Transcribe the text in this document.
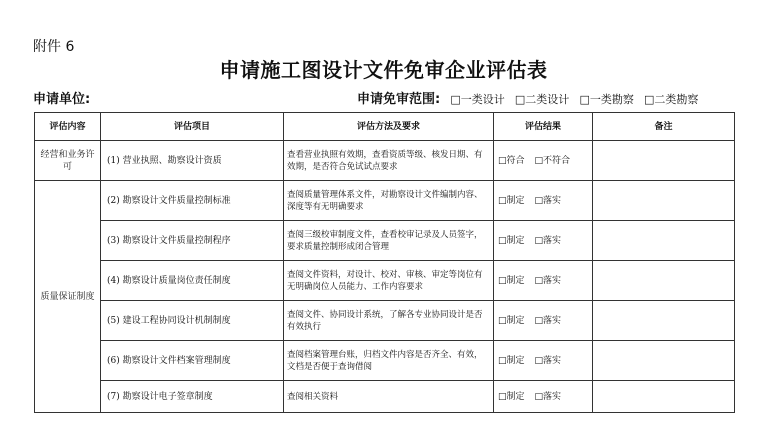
附件 6
申请施工图设计文件免审企业评估表
申请单位:	申请免审范围: □一类设计 □二类设计 □一类勘察 □二类勘察
评估内容	评估项目	评估方法及要求	评估结果	备注
经营和业务许可	(1) 营业执照、勘察设计资质	查看营业执照有效期，查看资质等级、核发日期、有效期，是否符合免试试点要求	□符合 □不符合	
质量保证制度	(2) 勘察设计文件质量控制标准	查阅质量管理体系文件，对勘察设计文件编制内容、深度等有无明确要求	□制定 □落实	
	(3) 勘察设计文件质量控制程序	查阅三级校审制度文件，查看校审记录及人员签字，要求质量控制形成闭合管理	□制定 □落实	
	(4) 勘察设计质量岗位责任制度	查阅文件资料，对设计、校对、审核、审定等岗位有无明确岗位人员能力、工作内容要求	□制定 □落实	
	(5) 建设工程协同设计机制制度	查阅文件、协同设计系统，了解各专业协同设计是否有效执行	□制定 □落实	
	(6) 勘察设计文件档案管理制度	查阅档案管理台账，归档文件内容是否齐全、有效，文档是否便于查询借阅	□制定 □落实	
	(7) 勘察设计电子签章制度	查阅相关资料	□制定 □落实	
